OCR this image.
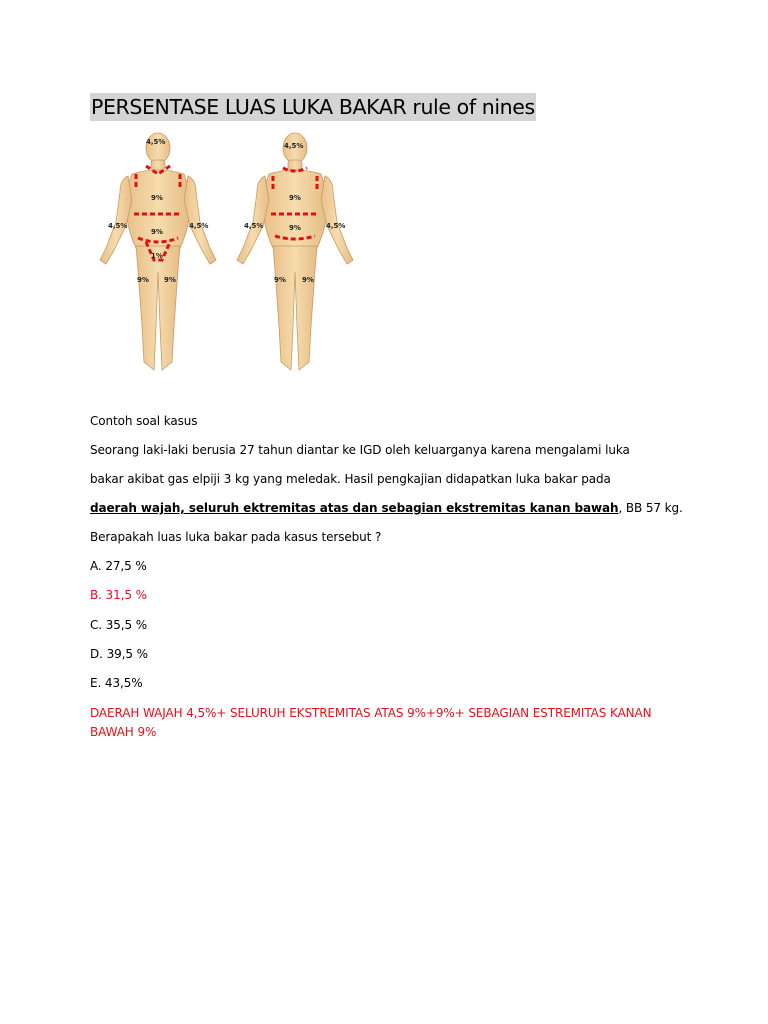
PERSENTASE LUAS LUKA BAKAR rule of nines
4,5%
9%
9%
4,5%	4,5%
1%
9% 9%
4,5%
9%
9%
4,5%	4,5%
9% 9%
Contoh soal kasus
Seorang laki-laki berusia 27 tahun diantar ke IGD oleh keluarganya karena mengalami luka
bakar akibat gas elpiji 3 kg yang meledak. Hasil pengkajian didapatkan luka bakar pada
daerah wajah, seluruh ektremitas atas dan sebagian ekstremitas kanan bawah, BB 57 kg.
Berapakah luas luka bakar pada kasus tersebut ?
A. 27,5 %
B. 31,5 %
C. 35,5 %
D. 39,5 %
E. 43,5%
DAERAH WAJAH 4,5%+ SELURUH EKSTREMITAS ATAS 9%+9%+ SEBAGIAN ESTREMITAS KANAN BAWAH 9%
